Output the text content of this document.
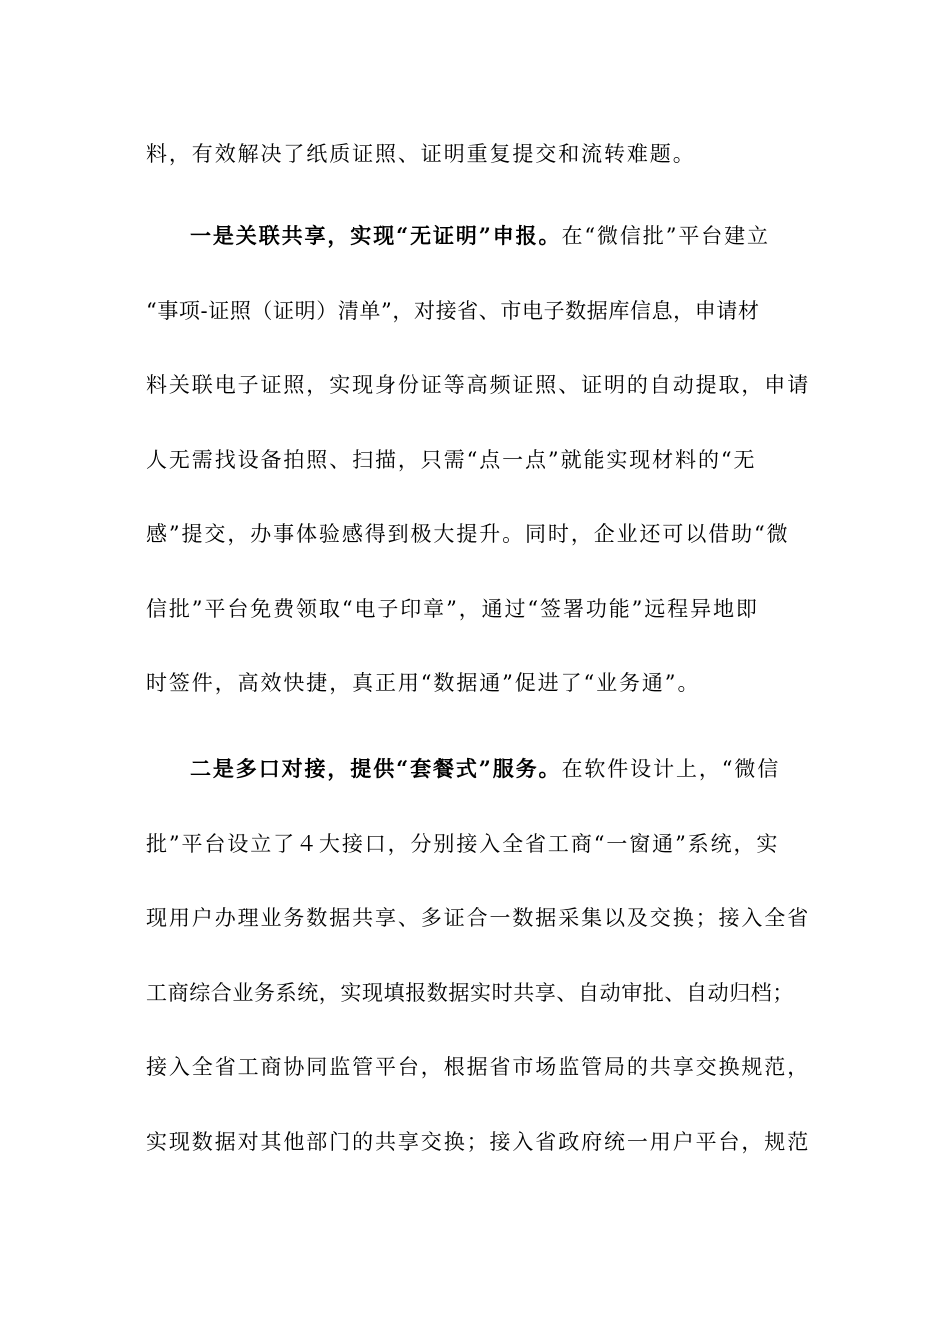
料，有效解决了纸质证照、证明重复提交和流转难题。
一是关联共享，实现“无证明”申报。在“微信批”平台建立
“事项-证照（证明）清单”，对接省、市电子数据库信息，申请材
料关联电子证照，实现身份证等高频证照、证明的自动提取，申请
人无需找设备拍照、扫描，只需“点一点”就能实现材料的“无
感”提交，办事体验感得到极大提升。同时，企业还可以借助“微
信批”平台免费领取“电子印章”，通过“签署功能”远程异地即
时签件，高效快捷，真正用“数据通”促进了“业务通”。
二是多口对接，提供“套餐式”服务。在软件设计上，“微信
批”平台设立了４大接口，分别接入全省工商“一窗通”系统，实
现用户办理业务数据共享、多证合一数据采集以及交换；接入全省
工商综合业务系统，实现填报数据实时共享、自动审批、自动归档；
接入全省工商协同监管平台，根据省市场监管局的共享交换规范，
实现数据对其他部门的共享交换；接入省政府统一用户平台，规范
